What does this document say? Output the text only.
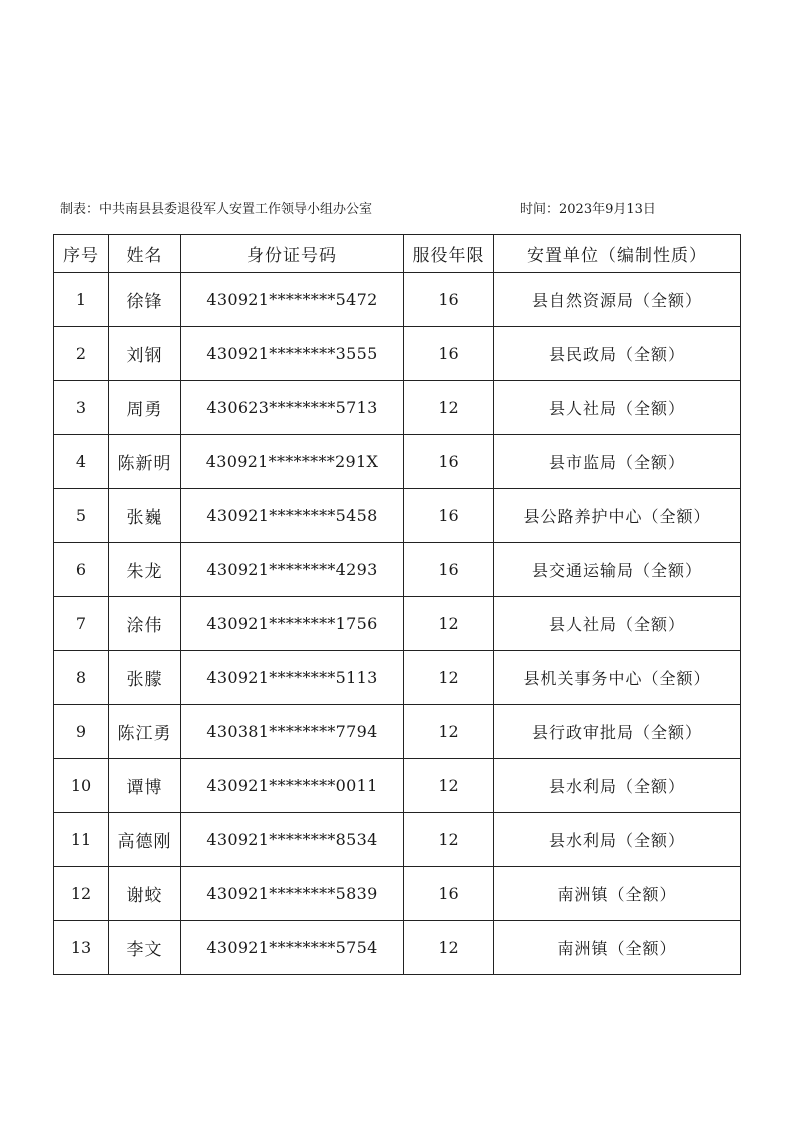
制表：中共南县县委退役军人安置工作领导小组办公室	时间：2023年9月13日
序号	姓名	身份证号码	服役年限	安置单位（编制性质）
1	徐锋	430921********5472	16	县自然资源局（全额）
2	刘钢	430921********3555	16	县民政局（全额）
3	周勇	430623********5713	12	县人社局（全额）
4	陈新明	430921********291X	16	县市监局（全额）
5	张巍	430921********5458	16	县公路养护中心（全额）
6	朱龙	430921********4293	16	县交通运输局（全额）
7	涂伟	430921********1756	12	县人社局（全额）
8	张朦	430921********5113	12	县机关事务中心（全额）
9	陈江勇	430381********7794	12	县行政审批局（全额）
10	谭博	430921********0011	12	县水利局（全额）
11	高德刚	430921********8534	12	县水利局（全额）
12	谢蛟	430921********5839	16	南洲镇（全额）
13	李文	430921********5754	12	南洲镇（全额）
